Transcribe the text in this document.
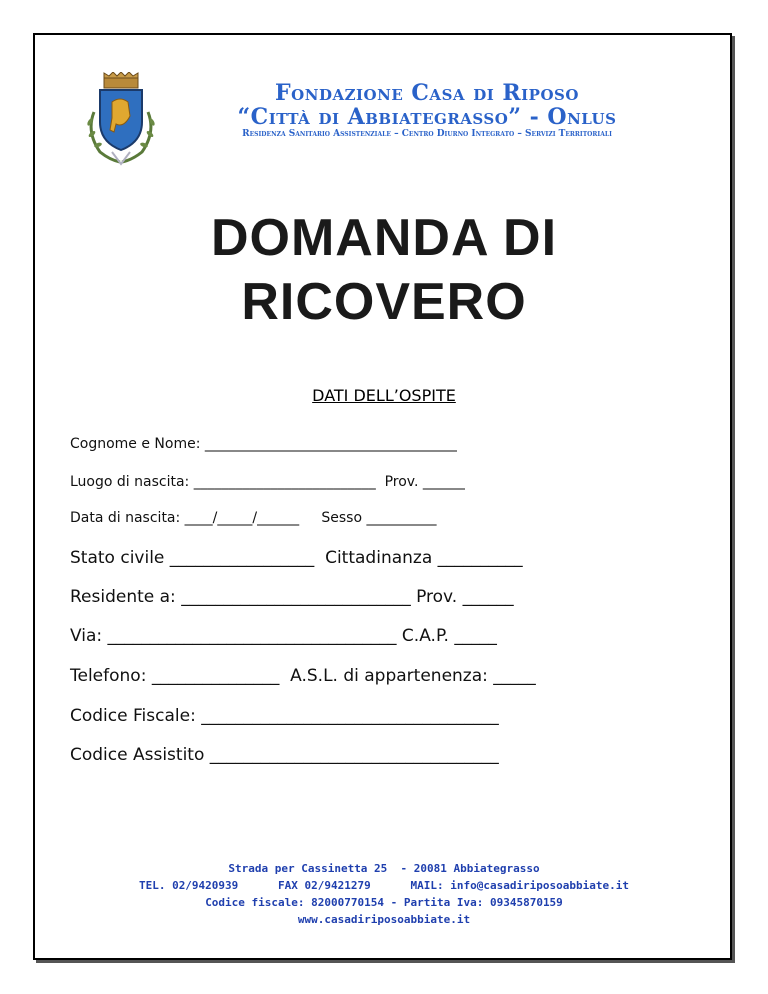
Fondazione Casa di Riposo
“Città di Abbiategrasso” - Onlus
Residenza Sanitario Assistenziale – Centro Diurno Integrato – Servizi Territoriali
DOMANDA DI
RICOVERO
DATI DELL’OSPITE
Cognome e Nome: ____________________________________
Luogo di nascita: __________________________  Prov. ______
Data di nascita: ____/_____/______     Sesso __________
Stato civile _________________  Cittadinanza __________
Residente a: ___________________________ Prov. ______
Via: __________________________________ C.A.P. _____
Telefono: _______________  A.S.L. di appartenenza: _____
Codice Fiscale: ___________________________________
Codice Assistito __________________________________
Strada per Cassinetta 25  - 20081 Abbiategrasso
TEL. 02/9420939      FAX 02/9421279      MAIL: info@casadiriposoabbiate.it
Codice fiscale: 82000770154 - Partita Iva: 09345870159
www.casadiriposoabbiate.it
